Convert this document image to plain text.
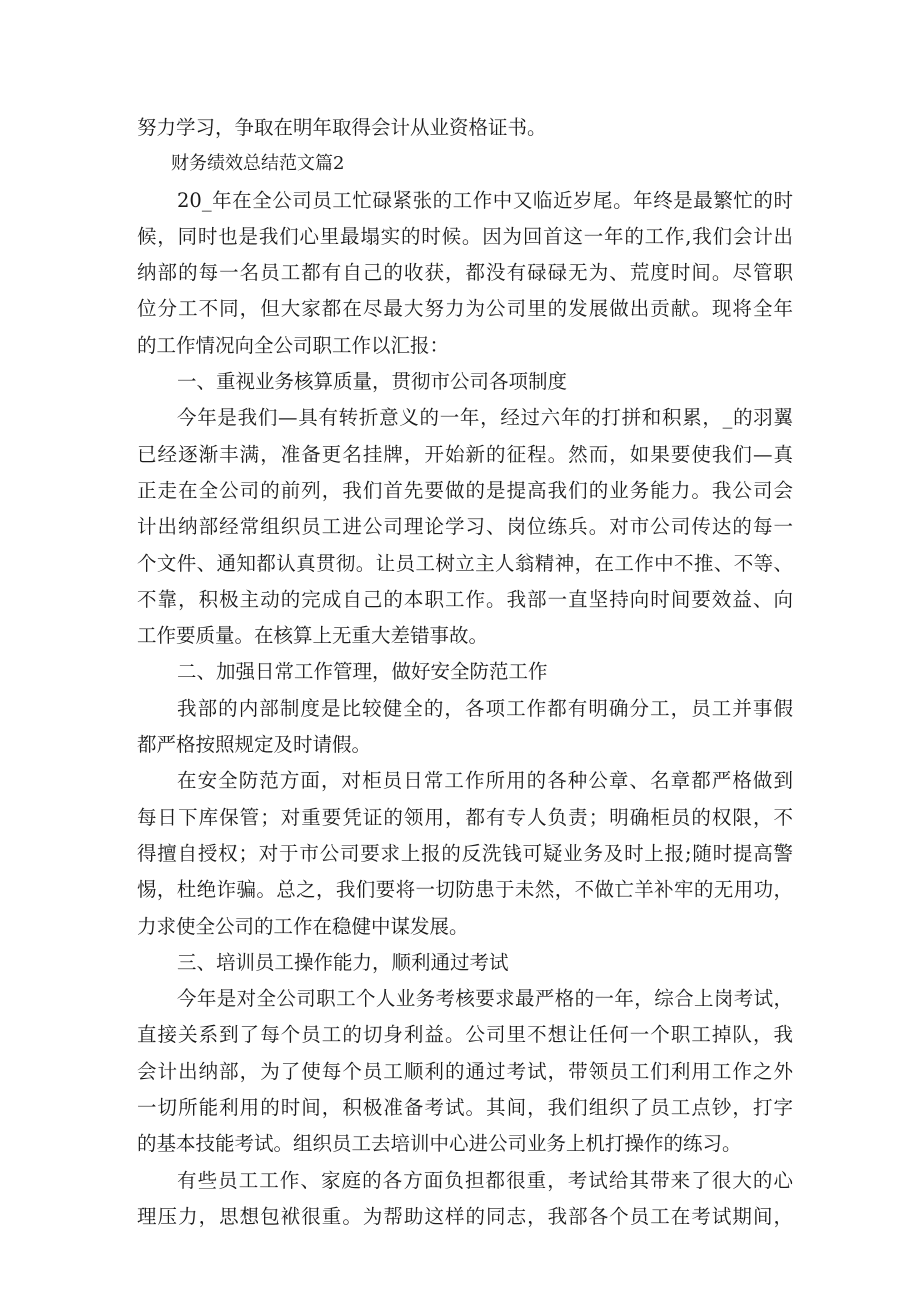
努力学习，争取在明年取得会计从业资格证书。
财务绩效总结范文篇2
20_年在全公司员工忙碌紧张的工作中又临近岁尾。年终是最繁忙的时
候，同时也是我们心里最塌实的时候。因为回首这一年的工作,我们会计出
纳部的每一名员工都有自己的收获，都没有碌碌无为、荒度时间。尽管职
位分工不同，但大家都在尽最大努力为公司里的发展做出贡献。现将全年
的工作情况向全公司职工作以汇报：
一、重视业务核算质量，贯彻市公司各项制度
今年是我们—具有转折意义的一年，经过六年的打拼和积累，_的羽翼
已经逐渐丰满，准备更名挂牌，开始新的征程。然而，如果要使我们—真
正走在全公司的前列，我们首先要做的是提高我们的业务能力。我公司会
计出纳部经常组织员工进公司理论学习、岗位练兵。对市公司传达的每一
个文件、通知都认真贯彻。让员工树立主人翁精神，在工作中不推、不等、
不靠，积极主动的完成自己的本职工作。我部一直坚持向时间要效益、向
工作要质量。在核算上无重大差错事故。
二、加强日常工作管理，做好安全防范工作
我部的内部制度是比较健全的，各项工作都有明确分工，员工并事假
都严格按照规定及时请假。
在安全防范方面，对柜员日常工作所用的各种公章、名章都严格做到
每日下库保管；对重要凭证的领用，都有专人负责；明确柜员的权限，不
得擅自授权；对于市公司要求上报的反洗钱可疑业务及时上报;随时提高警
惕，杜绝诈骗。总之，我们要将一切防患于未然，不做亡羊补牢的无用功，
力求使全公司的工作在稳健中谋发展。
三、培训员工操作能力，顺利通过考试
今年是对全公司职工个人业务考核要求最严格的一年，综合上岗考试，
直接关系到了每个员工的切身利益。公司里不想让任何一个职工掉队，我
会计出纳部，为了使每个员工顺利的通过考试，带领员工们利用工作之外
一切所能利用的时间，积极准备考试。其间，我们组织了员工点钞，打字
的基本技能考试。组织员工去培训中心进公司业务上机打操作的练习。
有些员工工作、家庭的各方面负担都很重，考试给其带来了很大的心
理压力，思想包袱很重。为帮助这样的同志，我部各个员工在考试期间，
